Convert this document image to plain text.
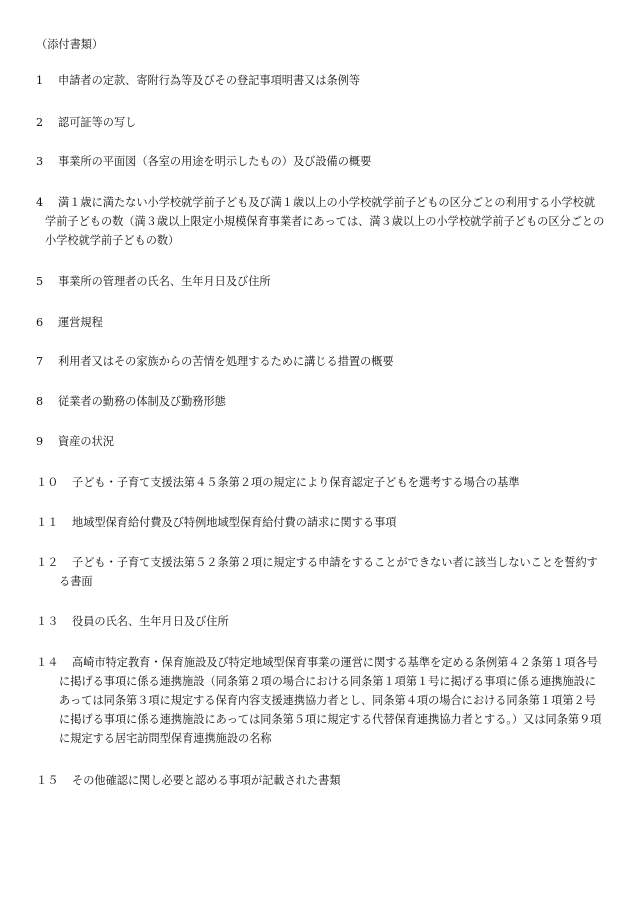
（添付書類）
1 申請者の定款、寄附行為等及びその登記事項明書又は条例等
2 認可証等の写し
3 事業所の平面図（各室の用途を明示したもの）及び設備の概要
4 満１歳に満たない小学校就学前子ども及び満１歳以上の小学校就学前子どもの区分ごとの利用する小学校就学前子どもの数（満３歳以上限定小規模保育事業者にあっては、満３歳以上の小学校就学前子どもの区分ごとの小学校就学前子どもの数）
5 事業所の管理者の氏名、生年月日及び住所
6 運営規程
7 利用者又はその家族からの苦情を処理するために講じる措置の概要
8 従業者の勤務の体制及び勤務形態
9 資産の状況
１０ 子ども・子育て支援法第４５条第２項の規定により保育認定子どもを選考する場合の基準
１１ 地域型保育給付費及び特例地域型保育給付費の請求に関する事項
１２ 子ども・子育て支援法第５２条第２項に規定する申請をすることができない者に該当しないことを誓約する書面
１３ 役員の氏名、生年月日及び住所
１４ 高崎市特定教育・保育施設及び特定地域型保育事業の運営に関する基準を定める条例第４２条第１項各号に掲げる事項に係る連携施設（同条第２項の場合における同条第１項第１号に掲げる事項に係る連携施設にあっては同条第３項に規定する保育内容支援連携協力者とし、同条第４項の場合における同条第１項第２号に掲げる事項に係る連携施設にあっては同条第５項に規定する代替保育連携協力者とする。）又は同条第９項に規定する居宅訪問型保育連携施設の名称
１５ その他確認に関し必要と認める事項が記載された書類
